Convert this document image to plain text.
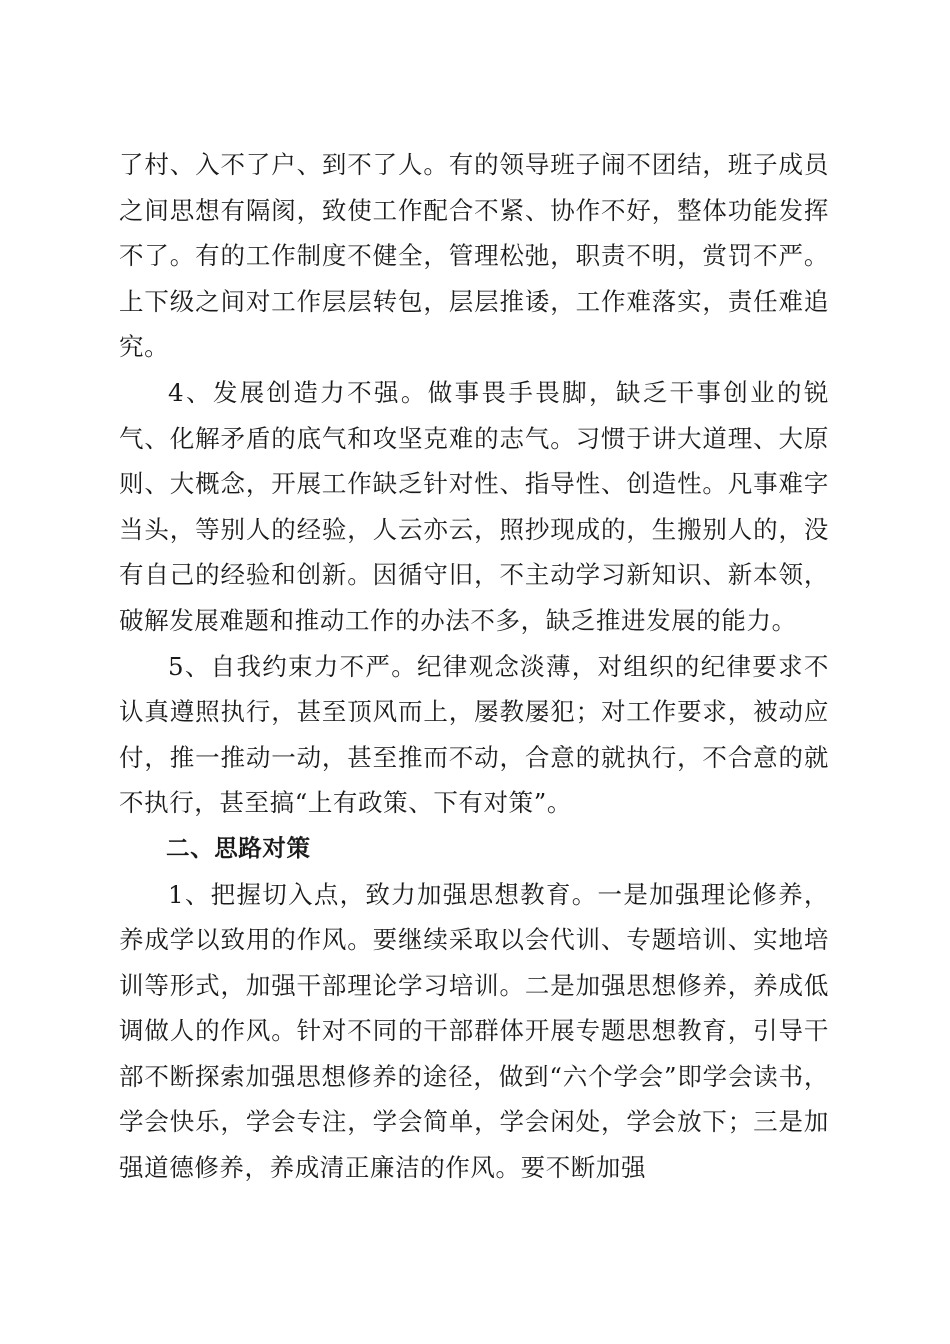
了村、入不了户、到不了人。有的领导班子闹不团结，班子成员之间思想有隔阂，致使工作配合不紧、协作不好，整体功能发挥不了。有的工作制度不健全，管理松弛，职责不明，赏罚不严。上下级之间对工作层层转包，层层推诿，工作难落实，责任难追究。

4、发展创造力不强。做事畏手畏脚，缺乏干事创业的锐气、化解矛盾的底气和攻坚克难的志气。习惯于讲大道理、大原则、大概念，开展工作缺乏针对性、指导性、创造性。凡事难字当头，等别人的经验，人云亦云，照抄现成的，生搬别人的，没有自己的经验和创新。因循守旧，不主动学习新知识、新本领，破解发展难题和推动工作的办法不多，缺乏推进发展的能力。

5、自我约束力不严。纪律观念淡薄，对组织的纪律要求不认真遵照执行，甚至顶风而上，屡教屡犯；对工作要求，被动应付，推一推动一动，甚至推而不动，合意的就执行，不合意的就不执行，甚至搞“上有政策、下有对策”。

二、思路对策

1、把握切入点，致力加强思想教育。一是加强理论修养，养成学以致用的作风。要继续采取以会代训、专题培训、实地培训等形式，加强干部理论学习培训。二是加强思想修养，养成低调做人的作风。针对不同的干部群体开展专题思想教育，引导干部不断探索加强思想修养的途径，做到“六个学会”即学会读书，学会快乐，学会专注，学会简单，学会闲处，学会放下；三是加强道德修养，养成清正廉洁的作风。要不断加强
